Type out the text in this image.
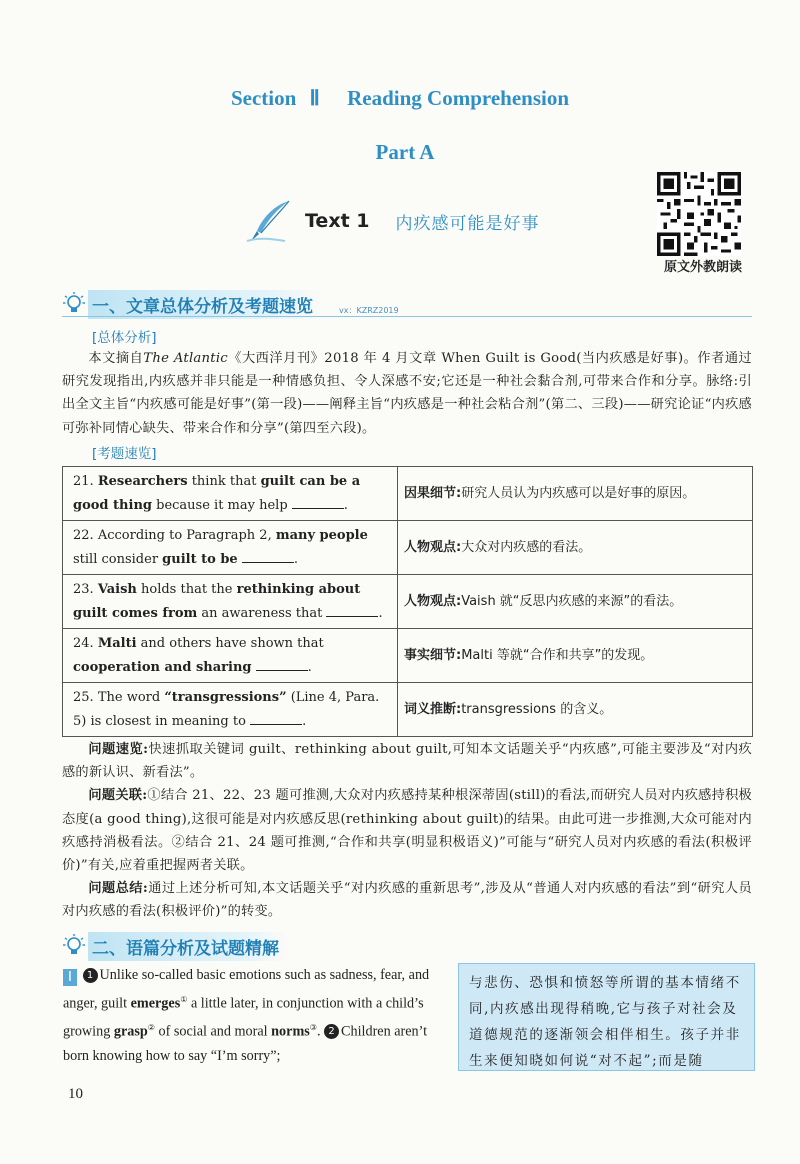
Section Ⅱ Reading Comprehension
Part A
Text 1 内疚感可能是好事
原文外教朗读
一、文章总体分析及考题速览	vx：KZRZ2019
[总体分析]

本文摘自The Atlantic《大西洋月刊》2018 年 4 月文章 When Guilt is Good(当内疚感是好事)。作者通过研究发现指出,内疚感并非只能是一种情感负担、令人深感不安;它还是一种社会黏合剂,可带来合作和分享。脉络:引出全文主旨“内疚感可能是好事”(第一段)——阐释主旨“内疚感是一种社会粘合剂”(第二、三段)——研究论证“内疚感可弥补同情心缺失、带来合作和分享”(第四至六段)。

[考题速览]
21. Researchers think that guilt can be a good thing because it may help .	因果细节:研究人员认为内疚感可以是好事的原因。
22. According to Paragraph 2, many people still consider guilt to be .	人物观点:大众对内疚感的看法。
23. Vaish holds that the rethinking about guilt comes from an awareness that .	人物观点:Vaish 就“反思内疚感的来源”的看法。
24. Malti and others have shown that cooperation and sharing .	事实细节:Malti 等就“合作和共享”的发现。
25. The word “transgressions” (Line 4, Para. 5) is closest in meaning to .	词义推断:transgressions 的含义。

问题速览:快速抓取关键词 guilt、rethinking about guilt,可知本文话题关乎“内疚感”,可能主要涉及“对内疚感的新认识、新看法”。

问题关联:①结合 21、22、23 题可推测,大众对内疚感持某种根深蒂固(still)的看法,而研究人员对内疚感持积极态度(a good thing),这很可能是对内疚感反思(rethinking about guilt)的结果。由此可进一步推测,大众可能对内疚感持消极看法。②结合 21、24 题可推测,“合作和共享(明显积极语义)”可能与“研究人员对内疚感的看法(积极评价)”有关,应着重把握两者关联。

问题总结:通过上述分析可知,本文话题关乎“对内疚感的重新思考”,涉及从“普通人对内疚感的看法”到“研究人员对内疚感的看法(积极评价)”的转变。

二、语篇分析及试题精解
Ⅰ 1 Unlike so-called basic emotions such as sadness, fear, and anger, guilt emerges① a little later, in conjunction with a child’s growing grasp② of social and moral norms③. 2 Children aren’t born knowing how to say “I’m sorry”;
与悲伤、恐惧和愤怒等所谓的基本情绪不同,内疚感出现得稍晚,它与孩子对社会及道德规范的逐渐领会相伴相生。孩子并非生来便知晓如何说“对不起”;而是随
10
